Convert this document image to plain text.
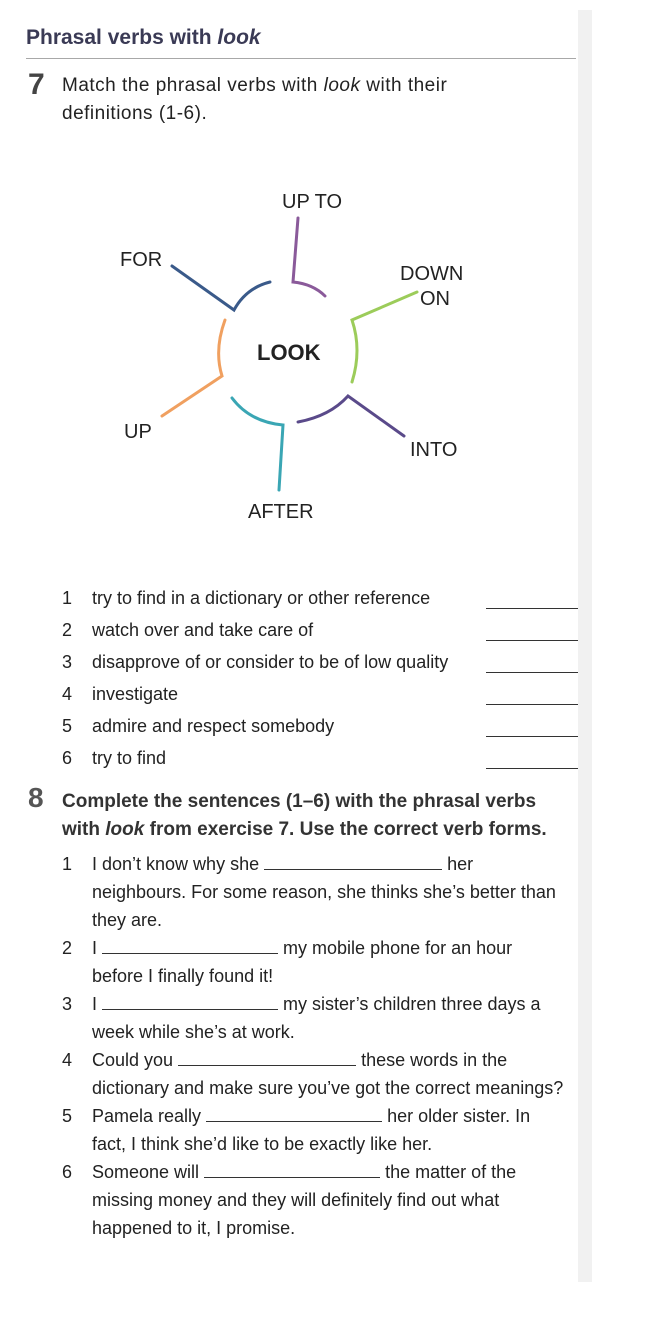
Phrasal verbs with look
7 Match the phrasal verbs with look with their definitions (1-6).
UP TO
DOWN
ON
INTO
AFTER
UP
FOR
LOOK
1 try to find in a dictionary or other reference
2 watch over and take care of
3 disapprove of or consider to be of low quality
4 investigate
5 admire and respect somebody
6 try to find
8 Complete the sentences (1–6) with the phrasal verbs with look from exercise 7. Use the correct verb forms.
1 I don’t know why she	her neighbours. For some reason, she thinks she’s better than they are.
2 I	my mobile phone for an hour before I finally found it!
3 I	my sister’s children three days a week while she’s at work.
4 Could you	these words in the dictionary and make sure you’ve got the correct meanings?
5 Pamela really	her older sister. In fact, I think she’d like to be exactly like her.
6 Someone will	the matter of the missing money and they will definitely find out what happened to it, I promise.
